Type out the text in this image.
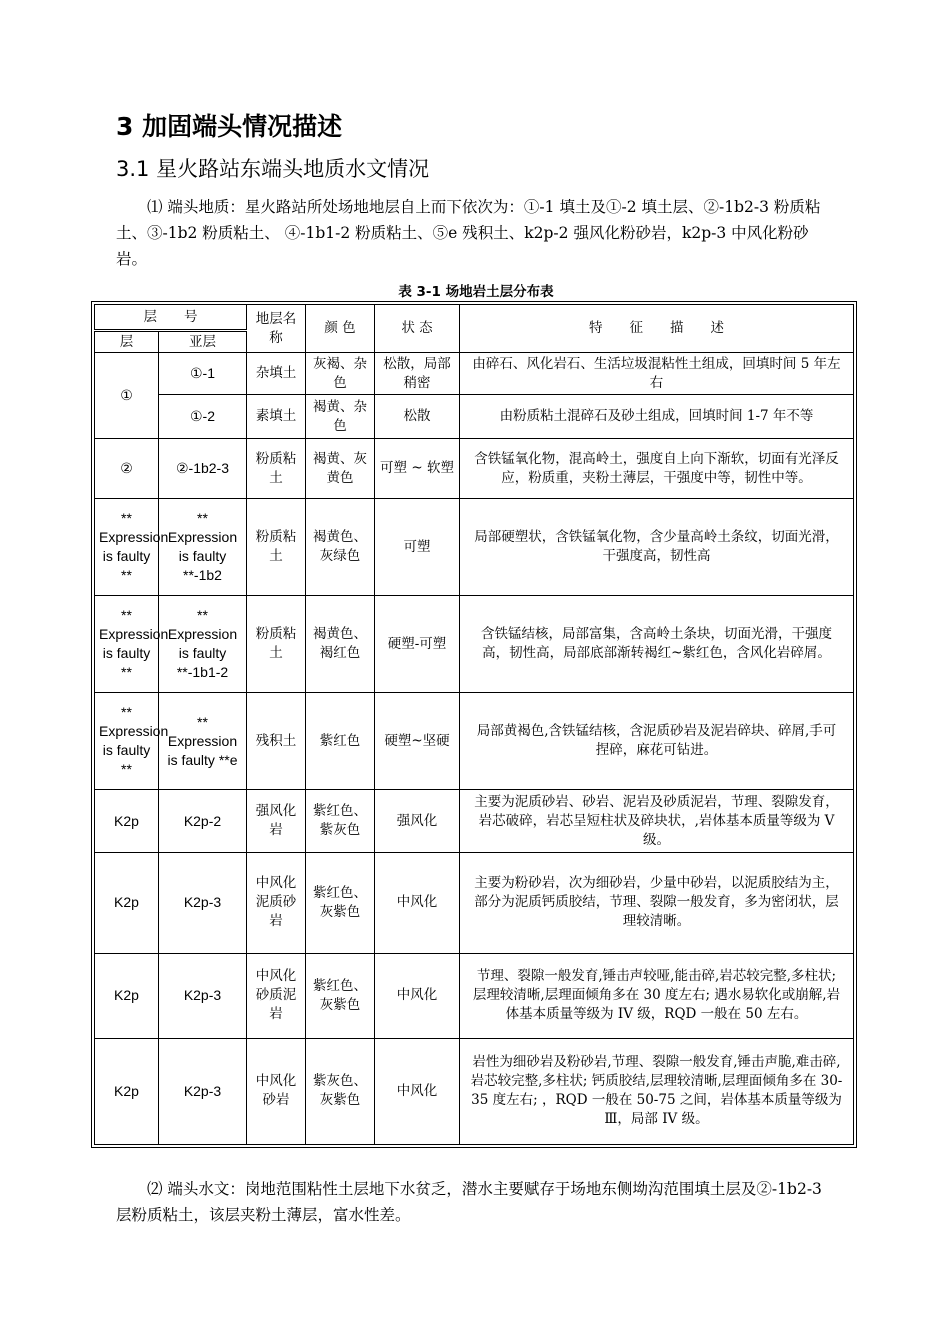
3 加固端头情况描述
3.1 星火路站东端头地质水文情况

⑴ 端头地质：星火路站所处场地地层自上而下依次为：①-1 填土及①-2 填土层、②-1b2-3 粉质粘土、③-1b2 粉质粘土、 ④-1b1-2 粉质粘土、⑤e 残积土、k2p-2 强风化粉砂岩，k2p-3 中风化粉砂岩。

表 3-1 场地岩土层分布表
层　　号		地层名称	颜 色	状 态	特　　征　　描　　述
层	亚层				
①	①-1	杂填土	灰褐、杂色	松散，局部稍密	由碎石、风化岩石、生活垃圾混粘性土组成，回填时间 5 年左右
	①-2	素填土	褐黄、杂色	松散	由粉质粘土混碎石及砂土组成，回填时间 1-7 年不等
②	②-1b2-3	粉质粘土	褐黄、灰黄色	可塑 ~ 软塑	含铁锰氧化物，混高岭土，强度自上向下渐软，切面有光泽反应，粉质重，夹粉土薄层，干强度中等，韧性中等。
** Expression is faulty **	** Expression is faulty **-1b2	粉质粘土	褐黄色、灰绿色	可塑	局部硬塑状，含铁锰氧化物，含少量高岭土条纹，切面光滑，干强度高，韧性高
** Expression is faulty **	** Expression is faulty **-1b1-2	粉质粘土	褐黄色、褐红色	硬塑-可塑	含铁锰结核，局部富集，含高岭土条块，切面光滑，干强度高，韧性高，局部底部渐转褐红~紫红色，含风化岩碎屑。
** Expression is faulty **	** Expression is faulty **e	残积土	紫红色	硬塑~坚硬	局部黄褐色,含铁锰结核，含泥质砂岩及泥岩碎块、碎屑,手可捏碎，麻花可钻进。
K2p	K2p-2	强风化岩	紫红色、紫灰色	强风化	主要为泥质砂岩、砂岩、泥岩及砂质泥岩，节理、裂隙发育，岩芯破碎，岩芯呈短柱状及碎块状，,岩体基本质量等级为 V 级。
K2p	K2p-3	中风化泥质砂岩	紫红色、灰紫色	中风化	主要为粉砂岩，次为细砂岩，少量中砂岩，以泥质胶结为主，部分为泥质钙质胶结，节理、裂隙一般发育，多为密闭状，层理较清晰。
K2p	K2p-3	中风化砂质泥岩	紫红色、灰紫色	中风化	节理、裂隙一般发育,锤击声较哑,能击碎,岩芯较完整,多柱状; 层理较清晰,层理面倾角多在 30 度左右; 遇水易软化或崩解,岩体基本质量等级为 IV 级，RQD 一般在 50 左右。
K2p	K2p-3	中风化砂岩	紫灰色、灰紫色	中风化	岩性为细砂岩及粉砂岩,节理、裂隙一般发育,锤击声脆,难击碎,岩芯较完整,多柱状; 钙质胶结,层理较清晰,层理面倾角多在 30-35 度左右; ，RQD 一般在 50-75 之间，岩体基本质量等级为Ⅲ，局部 IV 级。

⑵ 端头水文：岗地范围粘性土层地下水贫乏，潜水主要赋存于场地东侧坳沟范围填土层及②-1b2-3 层粉质粘土，该层夹粉土薄层，富水性差。
